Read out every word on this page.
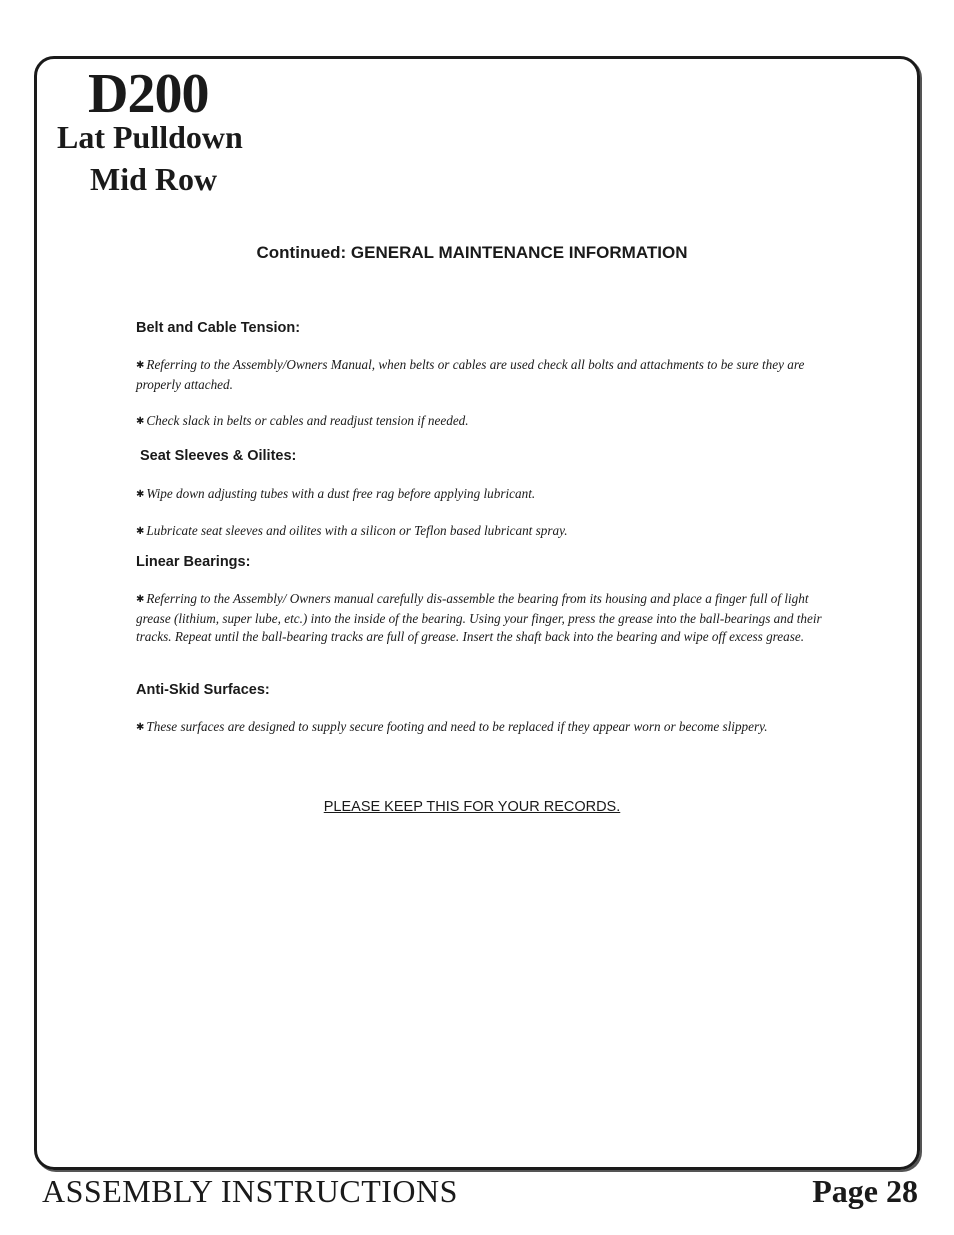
D200
Lat Pulldown
Mid Row
Continued: GENERAL MAINTENANCE INFORMATION
Belt and Cable Tension:
✱ Referring to the Assembly/Owners Manual, when belts or cables are used check all bolts and attachments to be sure they are properly attached.
✱ Check slack in belts or cables and readjust tension if needed.
Seat Sleeves & Oilites:
✱ Wipe down adjusting tubes with a dust free rag before applying lubricant.
✱ Lubricate seat sleeves and oilites with a silicon or Teflon based lubricant spray.
Linear Bearings:
✱ Referring to the Assembly/ Owners manual carefully dis-assemble the bearing from its housing and place a finger full of light grease (lithium, super lube, etc.) into the inside of the bearing. Using your finger, press the grease into the ball-bearings and their tracks. Repeat until the ball-bearing tracks are full of grease. Insert the shaft back into the bearing and wipe off excess grease.
Anti-Skid Surfaces:
✱ These surfaces are designed to supply secure footing and need to be replaced if they appear worn or become slippery.
PLEASE KEEP THIS FOR YOUR RECORDS.
ASSEMBLY INSTRUCTIONS	Page 28
